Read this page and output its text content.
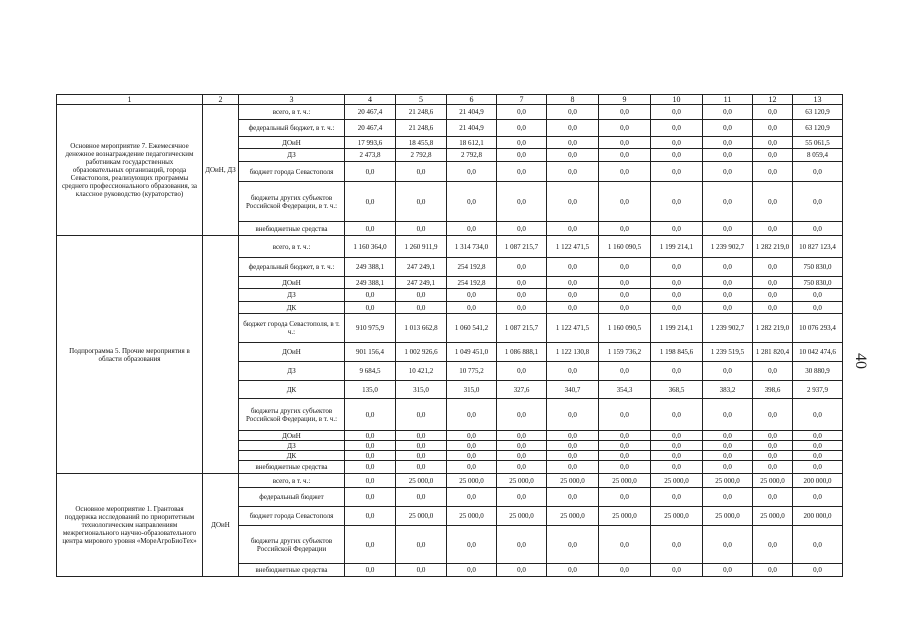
1	2	3	4	5	6	7	8	9	10	11	12	13
Основное мероприятие 7. Ежемесячное денежное вознаграждение педагогическим работникам государственных образовательных организаций, города Севастополя, реализующих программы среднего профессионального образования, за классное руководство (кураторство)	ДОиН, ДЗ	всего, в т. ч.:	20 467,4	21 248,6	21 404,9	0,0	0,0	0,0	0,0	0,0	0,0	63 120,9
		федеральный бюджет, в т. ч.:	20 467,4	21 248,6	21 404,9	0,0	0,0	0,0	0,0	0,0	0,0	63 120,9
		ДОиН	17 993,6	18 455,8	18 612,1	0,0	0,0	0,0	0,0	0,0	0,0	55 061,5
		ДЗ	2 473,8	2 792,8	2 792,8	0,0	0,0	0,0	0,0	0,0	0,0	8 059,4
		бюджет города Севастополя	0,0	0,0	0,0	0,0	0,0	0,0	0,0	0,0	0,0	0,0
		бюджеты других субъектов Российской Федерации, в т. ч.:	0,0	0,0	0,0	0,0	0,0	0,0	0,0	0,0	0,0	0,0
		внебюджетные средства	0,0	0,0	0,0	0,0	0,0	0,0	0,0	0,0	0,0	0,0
Подпрограмма 5. Прочие мероприятия в области образования		всего, в т. ч.:	1 160 364,0	1 260 911,9	1 314 734,0	1 087 215,7	1 122 471,5	1 160 090,5	1 199 214,1	1 239 902,7	1 282 219,0	10 827 123,4
		федеральный бюджет, в т. ч.:	249 388,1	247 249,1	254 192,8	0,0	0,0	0,0	0,0	0,0	0,0	750 830,0
		ДОиН	249 388,1	247 249,1	254 192,8	0,0	0,0	0,0	0,0	0,0	0,0	750 830,0
		ДЗ	0,0	0,0	0,0	0,0	0,0	0,0	0,0	0,0	0,0	0,0
		ДК	0,0	0,0	0,0	0,0	0,0	0,0	0,0	0,0	0,0	0,0
		бюджет города Севастополя, в т. ч.:	910 975,9	1 013 662,8	1 060 541,2	1 087 215,7	1 122 471,5	1 160 090,5	1 199 214,1	1 239 902,7	1 282 219,0	10 076 293,4
		ДОиН	901 156,4	1 002 926,6	1 049 451,0	1 086 888,1	1 122 130,8	1 159 736,2	1 198 845,6	1 239 519,5	1 281 820,4	10 042 474,6
		ДЗ	9 684,5	10 421,2	10 775,2	0,0	0,0	0,0	0,0	0,0	0,0	30 880,9
		ДК	135,0	315,0	315,0	327,6	340,7	354,3	368,5	383,2	398,6	2 937,9
		бюджеты других субъектов Российской Федерации, в т. ч.:	0,0	0,0	0,0	0,0	0,0	0,0	0,0	0,0	0,0	0,0
		ДОиН	0,0	0,0	0,0	0,0	0,0	0,0	0,0	0,0	0,0	0,0
		ДЗ	0,0	0,0	0,0	0,0	0,0	0,0	0,0	0,0	0,0	0,0
		ДК	0,0	0,0	0,0	0,0	0,0	0,0	0,0	0,0	0,0	0,0
		внебюджетные средства	0,0	0,0	0,0	0,0	0,0	0,0	0,0	0,0	0,0	0,0
Основное мероприятие 1. Грантовая поддержка исследований по приоритетным технологическим направлениям межрегионального научно-образовательного центра мирового уровня «МореАгроБиоТех»	ДОиН	всего, в т. ч.:	0,0	25 000,0	25 000,0	25 000,0	25 000,0	25 000,0	25 000,0	25 000,0	25 000,0	200 000,0
		федеральный бюджет	0,0	0,0	0,0	0,0	0,0	0,0	0,0	0,0	0,0	0,0
		бюджет города Севастополя	0,0	25 000,0	25 000,0	25 000,0	25 000,0	25 000,0	25 000,0	25 000,0	25 000,0	200 000,0
		бюджеты других субъектов Российской Федерации	0,0	0,0	0,0	0,0	0,0	0,0	0,0	0,0	0,0	0,0
		внебюджетные средства	0,0	0,0	0,0	0,0	0,0	0,0	0,0	0,0	0,0	0,0
40
